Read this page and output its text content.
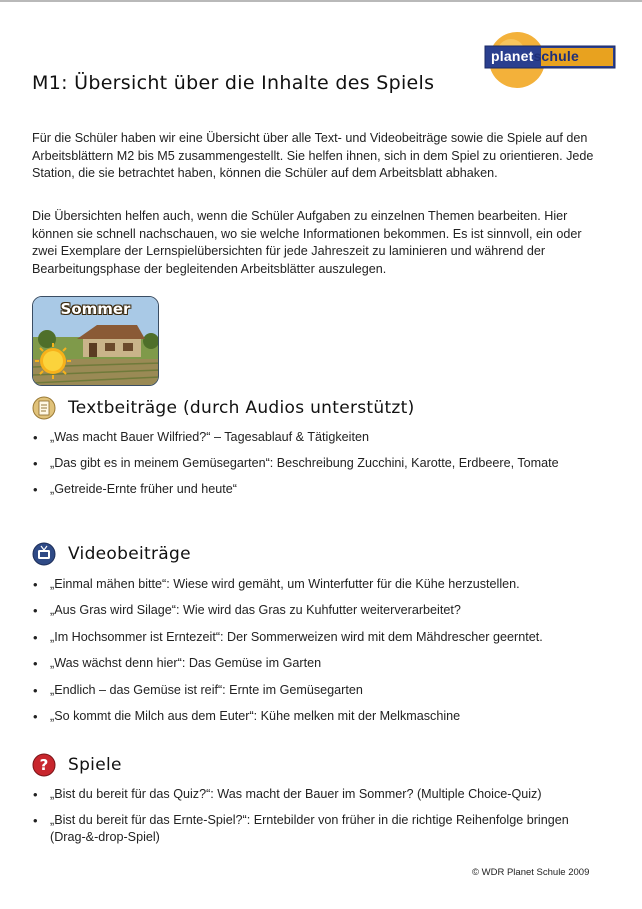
planetschule
M1: Übersicht über die Inhalte des Spiels

Für die Schüler haben wir eine Übersicht über alle Text- und Videobeiträge sowie die Spiele auf den Arbeitsblättern M2 bis M5 zusammengestellt. Sie helfen ihnen, sich in dem Spiel zu orientieren. Jede Station, die sie betrachtet haben, können die Schüler auf dem Arbeitsblatt abhaken.

Die Übersichten helfen auch, wenn die Schüler Aufgaben zu einzelnen Themen bearbeiten. Hier können sie schnell nachschauen, wo sie welche Informationen bekommen. Es ist sinnvoll, ein oder zwei Exemplare der Lernspielübersichten für jede Jahreszeit zu laminieren und während der Bearbeitungsphase der begleitenden Arbeitsblätter auszulegen.

Sommer
Textbeiträge (durch Audios unterstützt)
• „Was macht Bauer Wilfried?“ – Tagesablauf & Tätigkeiten
• „Das gibt es in meinem Gemüsegarten“: Beschreibung Zucchini, Karotte, Erdbeere, Tomate
• „Getreide-Ernte früher und heute“
Videobeiträge
• „Einmal mähen bitte“: Wiese wird gemäht, um Winterfutter für die Kühe herzustellen.
• „Aus Gras wird Silage“: Wie wird das Gras zu Kuhfutter weiterverarbeitet?
• „Im Hochsommer ist Erntezeit“: Der Sommerweizen wird mit dem Mähdrescher geerntet.
• „Was wächst denn hier“: Das Gemüse im Garten
• „Endlich – das Gemüse ist reif“: Ernte im Gemüsegarten
• „So kommt die Milch aus dem Euter“: Kühe melken mit der Melkmaschine
? Spiele
• „Bist du bereit für das Quiz?“: Was macht der Bauer im Sommer? (Multiple Choice-Quiz)
• „Bist du bereit für das Ernte-Spiel?“: Erntebilder von früher in die richtige Reihenfolge bringen (Drag-&-drop-Spiel)
© WDR Planet Schule 2009
